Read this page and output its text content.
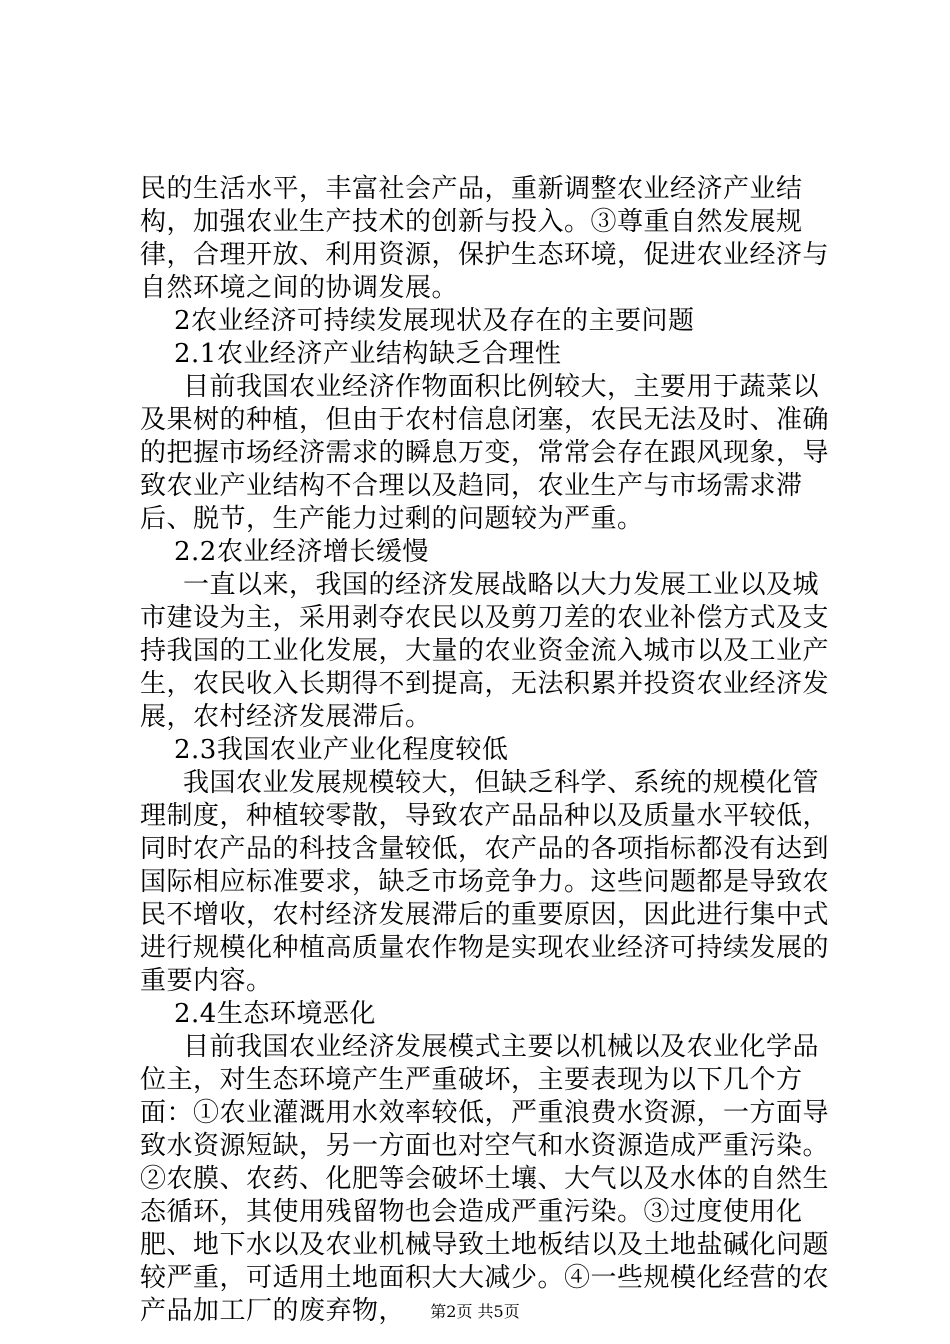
民的生活水平，丰富社会产品，重新调整农业经济产业结构，加强农业生产技术的创新与投入。③尊重自然发展规律，合理开放、利用资源，保护生态环境，促进农业经济与自然环境之间的协调发展。

2农业经济可持续发展现状及存在的主要问题

2.1农业经济产业结构缺乏合理性

目前我国农业经济作物面积比例较大，主要用于蔬菜以及果树的种植，但由于农村信息闭塞，农民无法及时、准确的把握市场经济需求的瞬息万变，常常会存在跟风现象，导致农业产业结构不合理以及趋同，农业生产与市场需求滞后、脱节，生产能力过剩的问题较为严重。

2.2农业经济增长缓慢

一直以来，我国的经济发展战略以大力发展工业以及城市建设为主，采用剥夺农民以及剪刀差的农业补偿方式及支持我国的工业化发展，大量的农业资金流入城市以及工业产生，农民收入长期得不到提高，无法积累并投资农业经济发展，农村经济发展滞后。

2.3我国农业产业化程度较低

我国农业发展规模较大，但缺乏科学、系统的规模化管理制度，种植较零散，导致农产品品种以及质量水平较低，同时农产品的科技含量较低，农产品的各项指标都没有达到国际相应标准要求，缺乏市场竞争力。这些问题都是导致农民不增收，农村经济发展滞后的重要原因，因此进行集中式进行规模化种植高质量农作物是实现农业经济可持续发展的重要内容。

2.4生态环境恶化

目前我国农业经济发展模式主要以机械以及农业化学品位主，对生态环境产生严重破坏，主要表现为以下几个方面：①农业灌溉用水效率较低，严重浪费水资源，一方面导致水资源短缺，另一方面也对空气和水资源造成严重污染。②农膜、农药、化肥等会破坏土壤、大气以及水体的自然生态循环，其使用残留物也会造成严重污染。③过度使用化肥、地下水以及农业机械导致土地板结以及土地盐碱化问题较严重，可适用土地面积大大减少。④一些规模化经营的农产品加工厂的废弃物，	第2页 共5页
